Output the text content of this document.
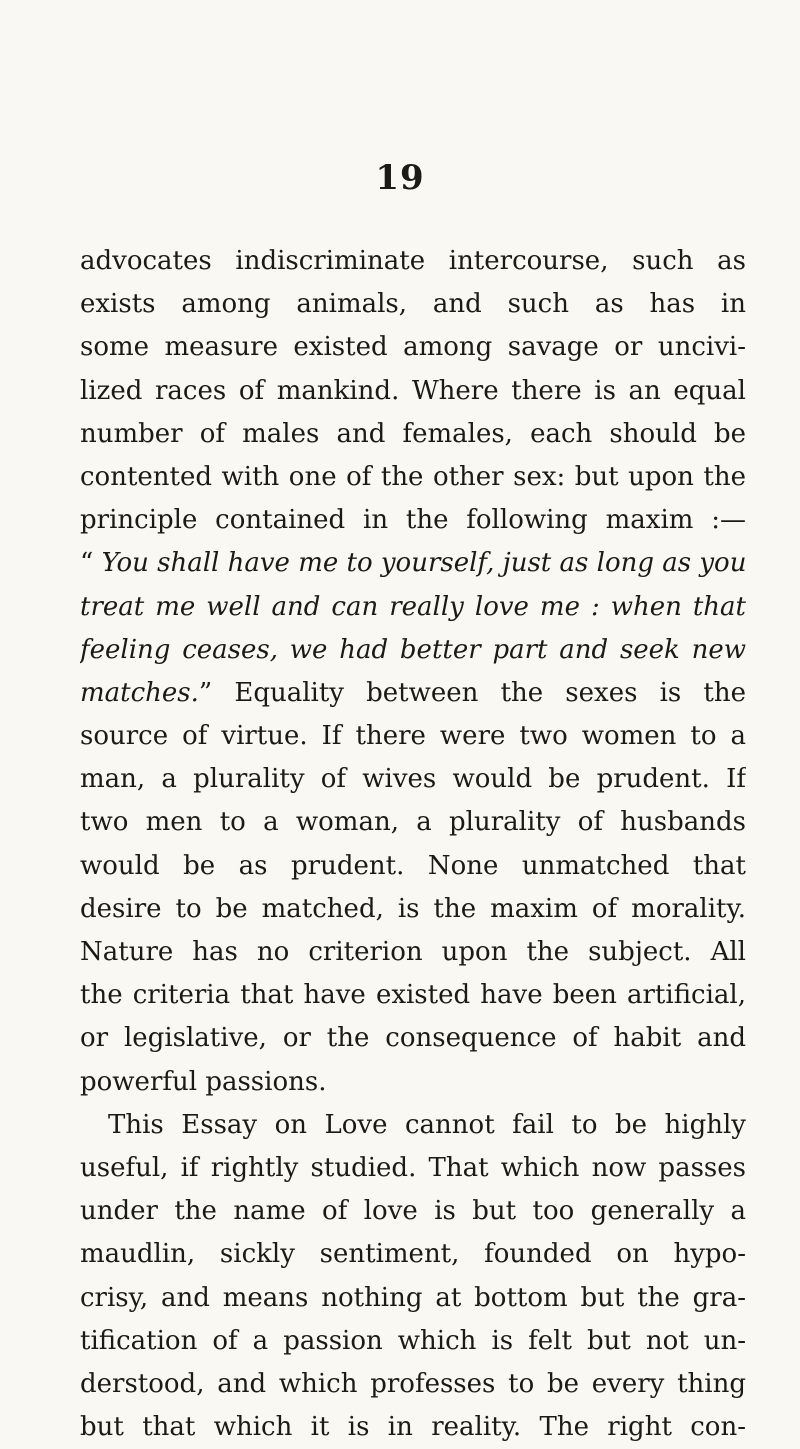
19
advocates indiscriminate intercourse, such as
exists among animals, and such as has in
some measure existed among savage or uncivi-
lized races of mankind. Where there is an equal
number of males and females, each should be
contented with one of the other sex: but upon the
principle contained in the following maxim :—
“ You shall have me to yourself, just as long as you
treat me well and can really love me : when that
feeling ceases, we had better part and seek new
matches.” Equality between the sexes is the
source of virtue. If there were two women to a
man, a plurality of wives would be prudent. If
two men to a woman, a plurality of husbands
would be as prudent. None unmatched that
desire to be matched, is the maxim of morality.
Nature has no criterion upon the subject. All
the criteria that have existed have been artificial,
or legislative, or the consequence of habit and
powerful passions.
This Essay on Love cannot fail to be highly
useful, if rightly studied. That which now passes
under the name of love is but too generally a
maudlin, sickly sentiment, founded on hypo-
crisy, and means nothing at bottom but the gra-
tification of a passion which is felt but not un-
derstood, and which professes to be every thing
but that which it is in reality. The right con-
